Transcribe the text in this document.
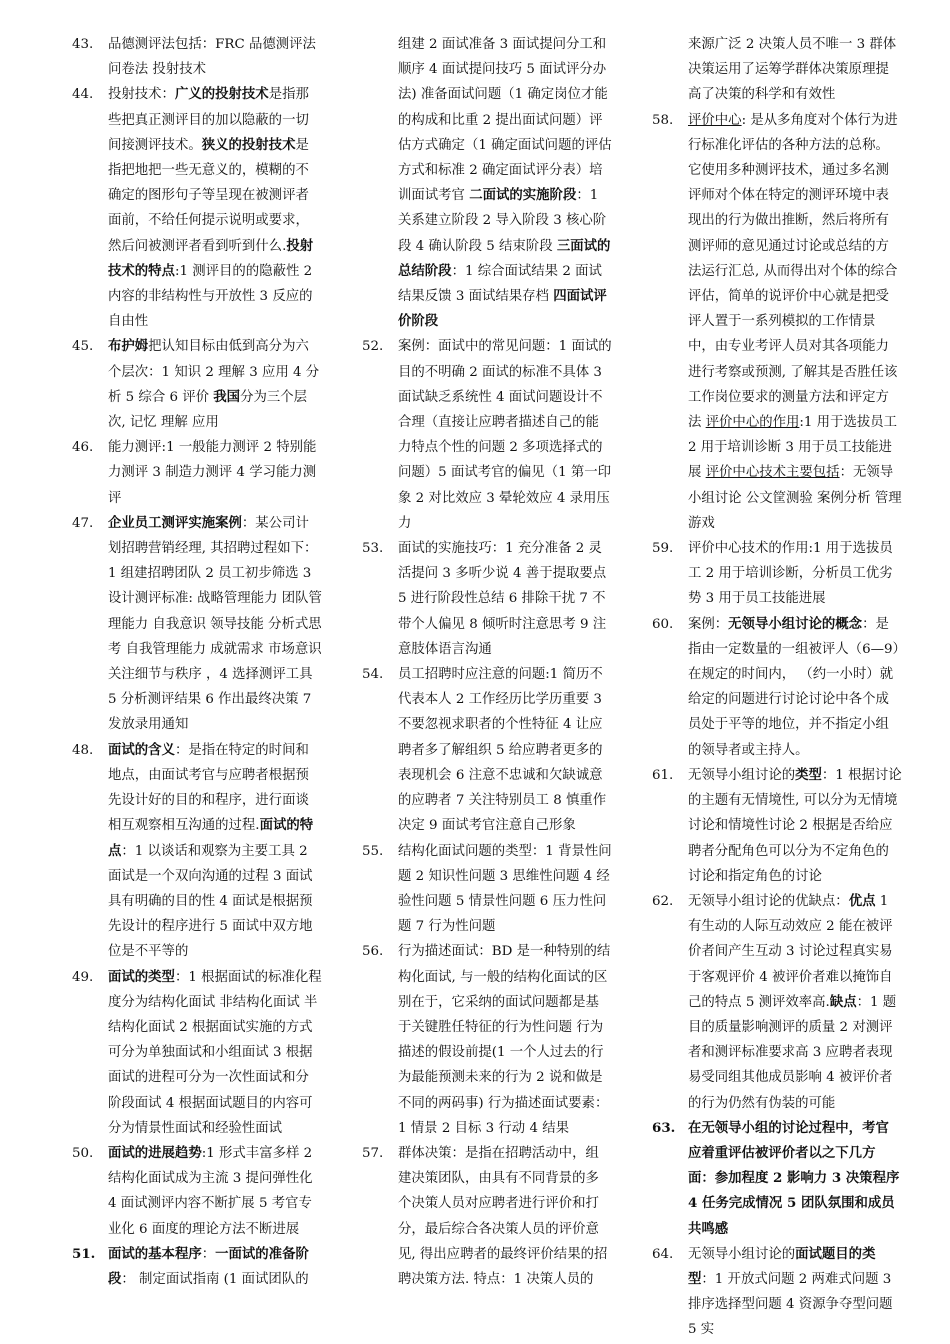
43.	品德测评法包括：FRC 品德测评法 问卷法 投射技术
44.	投射技术：广义的投射技术是指那些把真正测评目的加以隐蔽的一切间接测评技术。狭义的投射技术是指把地把一些无意义的，模糊的不确定的图形句子等呈现在被测评者面前，不给任何提示说明或要求，然后问被测评者看到听到什么.投射技术的特点:1 测评目的的隐蔽性 2 内容的非结构性与开放性 3 反应的自由性
45.	布护姆把认知目标由低到高分为六个层次：1 知识 2 理解 3 应用 4 分析 5 综合 6 评价 我国分为三个层次, 记忆 理解 应用
46.	能力测评:1 一般能力测评 2 特别能力测评 3 制造力测评 4 学习能力测评
47.	企业员工测评实施案例：某公司计划招聘营销经理, 其招聘过程如下：1 组建招聘团队 2 员工初步筛选 3 设计测评标准: 战略管理能力 团队管理能力 自我意识 领导技能 分析式思考 自我管理能力 成就需求 市场意识 关注细节与秩序 ，4 选择测评工具 5 分析测评结果 6 作出最终决策 7 发放录用通知
48.	面试的含义：是指在特定的时间和地点，由面试考官与应聘者根据预先设计好的目的和程序，进行面谈相互观察相互沟通的过程.面试的特点：1 以谈话和观察为主要工具 2 面试是一个双向沟通的过程 3 面试具有明确的目的性 4 面试是根据预先设计的程序进行 5 面试中双方地位是不平等的
49.	面试的类型：1 根据面试的标准化程度分为结构化面试 非结构化面试 半结构化面试 2 根据面试实施的方式可分为单独面试和小组面试 3 根据面试的进程可分为一次性面试和分阶段面试 4 根据面试题目的内容可分为情景性面试和经验性面试
50.	面试的进展趋势:1 形式丰富多样 2 结构化面试成为主流 3 提问弹性化 4 面试测评内容不断扩展 5 考官专业化 6 面度的理论方法不断进展
51. 面试的基本程序：一面试的准备阶段： 制定面试指南 (1 面试团队的
组建 2 面试准备 3 面试提问分工和顺序 4 面试提问技巧 5 面试评分办法) 准备面试问题（1 确定岗位才能的构成和比重 2 提出面试问题）评估方式确定（1 确定面试问题的评估方式和标准 2 确定面试评分表）培训面试考官 二面试的实施阶段：1 关系建立阶段 2 导入阶段 3 核心阶段 4 确认阶段 5 结束阶段 三面试的总结阶段：1 综合面试结果 2 面试结果反馈 3 面试结果存档 四面试评价阶段
52.	案例：面试中的常见问题：1 面试的目的不明确 2 面试的标准不具体 3 面试缺乏系统性 4 面试问题设计不合理（直接让应聘者描述自己的能力特点个性的问题 2 多项选择式的问题）5 面试考官的偏见（1 第一印象 2 对比效应 3 晕轮效应 4 录用压力
53.	面试的实施技巧：1 充分准备 2 灵活提问 3 多听少说 4 善于提取要点 5 进行阶段性总结 6 排除干扰 7 不带个人偏见 8 倾听时注意思考 9 注意肢体语言沟通
54.	员工招聘时应注意的问题:1 简历不代表本人 2 工作经历比学历重要 3 不要忽视求职者的个性特征 4 让应聘者多了解组织 5 给应聘者更多的表现机会 6 注意不忠诚和欠缺诚意的应聘者 7 关注特别员工 8 慎重作决定 9 面试考官注意自己形象
55.	结构化面试问题的类型：1 背景性问题 2 知识性问题 3 思维性问题 4 经验性问题 5 情景性问题 6 压力性问题 7 行为性问题
56.	行为描述面试：BD 是一种特别的结构化面试, 与一般的结构化面试的区别在于，它采纳的面试问题都是基于关键胜任特征的行为性问题 行为描述的假设前提(1 一个人过去的行为最能预测未来的行为 2 说和做是不同的两码事) 行为描述面试要素：1 情景 2 目标 3 行动 4 结果
57.	群体决策：是指在招聘活动中，组建决策团队，由具有不同背景的多个决策人员对应聘者进行评价和打分，最后综合各决策人员的评价意见, 得出应聘者的最终评价结果的招聘决策方法. 特点：1 决策人员的
来源广泛 2 决策人员不唯一 3 群体决策运用了运筹学群体决策原理提高了决策的科学和有效性
58.	评价中心: 是从多角度对个体行为进行标准化评估的各种方法的总称。它使用多种测评技术，通过多名测评师对个体在特定的测评环境中表现出的行为做出推断，然后将所有测评师的意见通过讨论或总结的方法运行汇总, 从而得出对个体的综合评估，简单的说评价中心就是把受评人置于一系列模拟的工作情景中，由专业考评人员对其各项能力进行考察或预测, 了解其是否胜任该工作岗位要求的测量方法和评定方法 评价中心的作用:1 用于选拔员工 2 用于培训诊断 3 用于员工技能进展 评价中心技术主要包括：无领导小组讨论 公文筐测验 案例分析 管理游戏
59.	评价中心技术的作用:1 用于选拔员工 2 用于培训诊断，分析员工优劣势 3 用于员工技能进展
60.	案例：无领导小组讨论的概念：是指由一定数量的一组被评人（6—9）在规定的时间内， （约一小时）就给定的问题进行讨论讨论中各个成员处于平等的地位，并不指定小组的领导者或主持人。
61.	无领导小组讨论的类型：1 根据讨论的主题有无情境性, 可以分为无情境讨论和情境性讨论 2 根据是否给应聘者分配角色可以分为不定角色的讨论和指定角色的讨论
62.	无领导小组讨论的优缺点：优点 1 有生动的人际互动效应 2 能在被评价者间产生互动 3 讨论过程真实易于客观评价 4 被评价者难以掩饰自己的特点 5 测评效率高.缺点：1 题目的质量影响测评的质量 2 对测评者和测评标准要求高 3 应聘者表现易受同组其他成员影响 4 被评价者的行为仍然有伪装的可能
63. 在无领导小组的讨论过程中，考官应着重评估被评价者以之下几方面：参加程度 2 影响力 3 决策程序 4 任务完成情况 5 团队氛围和成员共鸣感
64.	无领导小组讨论的面试题目的类型：1 开放式问题 2 两难式问题 3 排序选择型问题 4 资源争夺型问题 5 实
